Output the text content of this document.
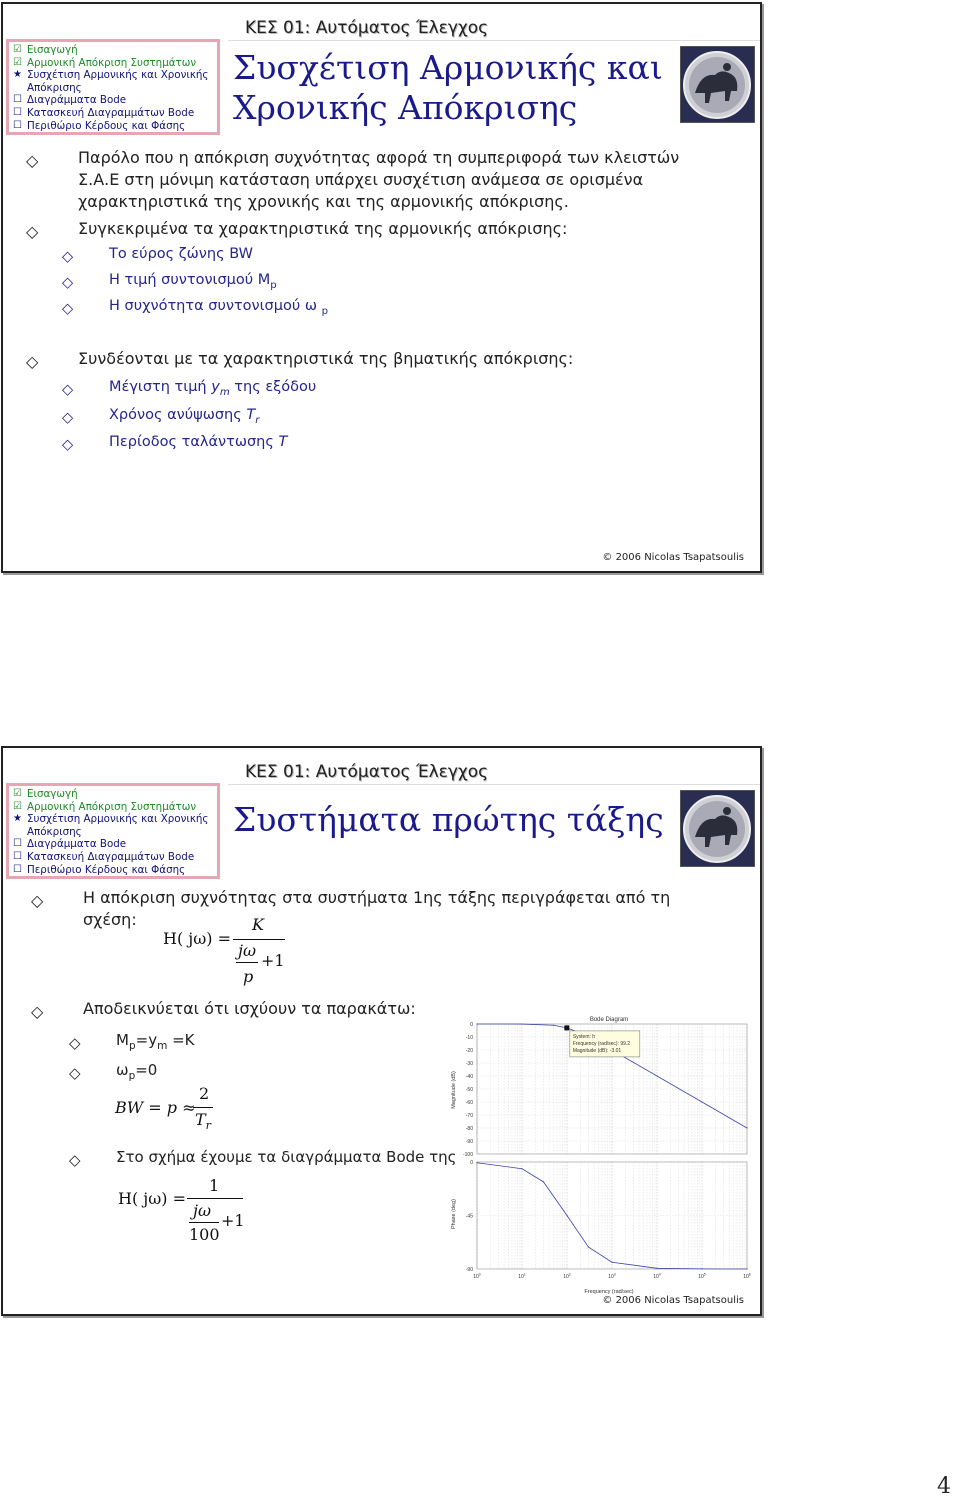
ΚΕΣ 01: Αυτόματος Έλεγχος
☑ Εισαγωγή
☑ Αρμονική Απόκριση Συστημάτων
★ Συσχέτιση Αρμονικής και Χρονικής
Απόκρισης
☐ Διαγράμματα Bode
☐ Κατασκευή Διαγραμμάτων Bode
☐ Περιθώριο Κέρδους και Φάσης
Συσχέτιση Αρμονικής και
Χρονικής Απόκρισης
◇ Παρόλο που η απόκριση συχνότητας αφορά τη συμπεριφορά των κλειστών
Σ.Α.Ε στη μόνιμη κατάσταση υπάρχει συσχέτιση ανάμεσα σε ορισμένα
χαρακτηριστικά της χρονικής και της αρμονικής απόκρισης.
◇ Συγκεκριμένα τα χαρακτηριστικά της αρμονικής απόκρισης:
◇ Το εύρος ζώνης BW
◇ Η τιμή συντονισμού $M_p$
◇ Η συχνότητα συντονισμού ω $_p$
◇ Συνδέονται με τα χαρακτηριστικά της βηματικής απόκρισης:
◇ Μέγιστη τιμή $y_m$ της εξόδου
◇ Χρόνος ανύψωσης $T_r$
◇ Περίοδος ταλάντωσης T
© 2006 Nicolas Tsapatsoulis
ΚΕΣ 01: Αυτόματος Έλεγχος
☑ Εισαγωγή
☑ Αρμονική Απόκριση Συστημάτων
★ Συσχέτιση Αρμονικής και Χρονικής
Απόκρισης
☐ Διαγράμματα Bode
☐ Κατασκευή Διαγραμμάτων Bode
☐ Περιθώριο Κέρδους και Φάσης
Συστήματα πρώτης τάξης
◇ Η απόκριση συχνότητας στα συστήματα 1ης τάξης περιγράφεται από τη
σχέση:
H( jω) =
K
jω
+1
p
◇ Αποδεικνύεται ότι ισχύουν τα παρακάτω:
◇ $M_p=y_m =K$
◇ $\omega_p=0$
BW = p ≈
2
$T_r$
◇ Στο σχήμα έχουμε τα διαγράμματα Bode της
H( jω) =
1
jω
+1
100
Bode Diagram
Magnitude (dB)
Phase (deg)
Frequency (rad/sec)
0
-10
-20
-30
-40
-50
-60
-70
-80
-90
-100
0
-45
-90
$10^0$	$10^1$	$10^2$	$10^3$	$10^4$	$10^5$	$10^6$
System: h
Frequency (rad/sec): 99.2
Magnitude (dB): -3.01
© 2006 Nicolas Tsapatsoulis
4
